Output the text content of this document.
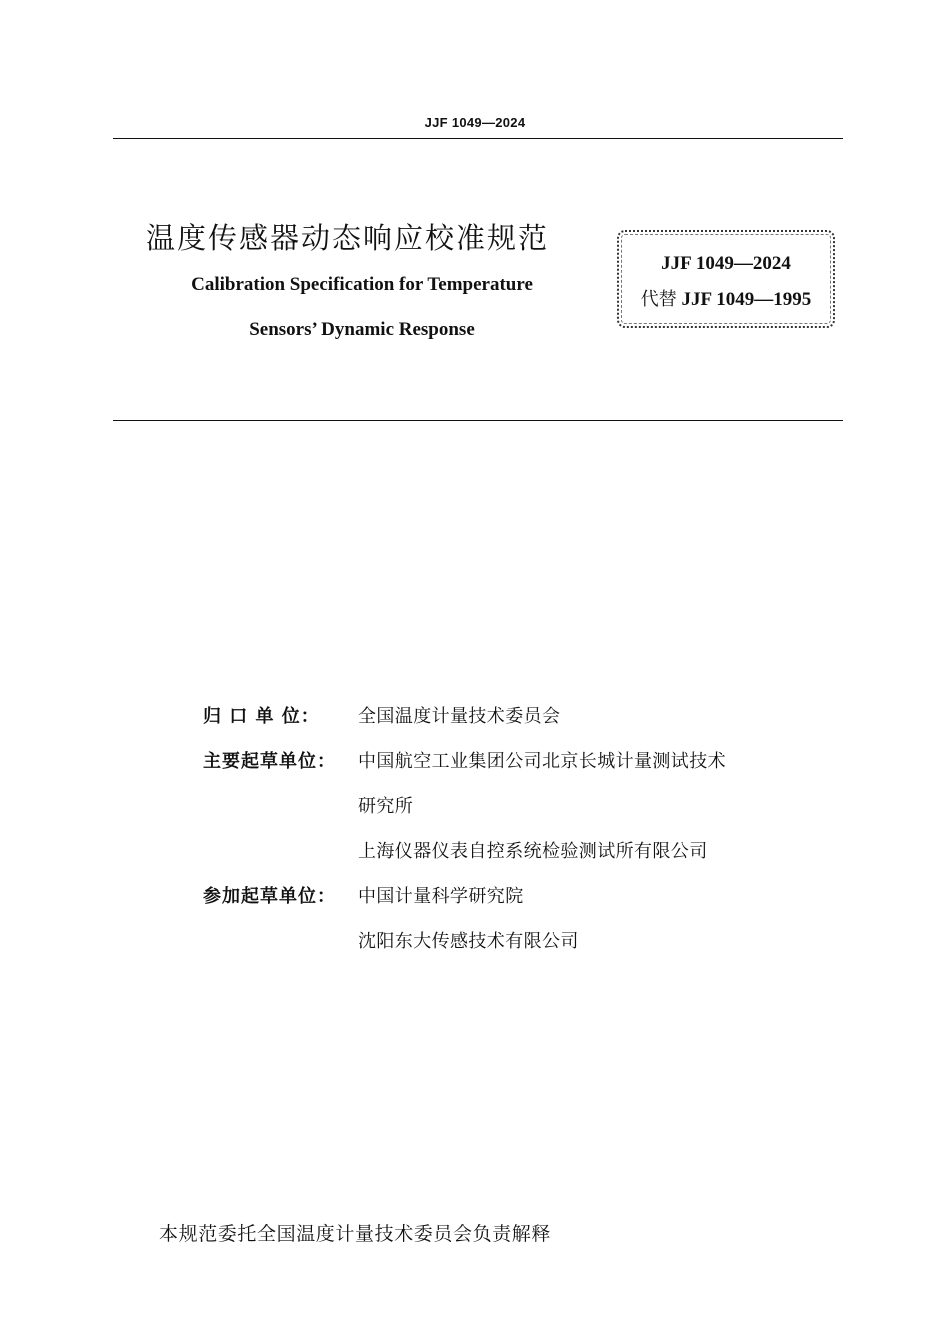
JJF 1049—2024
温度传感器动态响应校准规范
Calibration Specification for Temperature
Sensors’ Dynamic Response
JJF 1049—2024
代替 JJF 1049—1995
归 口 单 位： 全国温度计量技术委员会
主要起草单位： 中国航空工业集团公司北京长城计量测试技术
研究所
上海仪器仪表自控系统检验测试所有限公司
参加起草单位： 中国计量科学研究院
沈阳东大传感技术有限公司
本规范委托全国温度计量技术委员会负责解释
